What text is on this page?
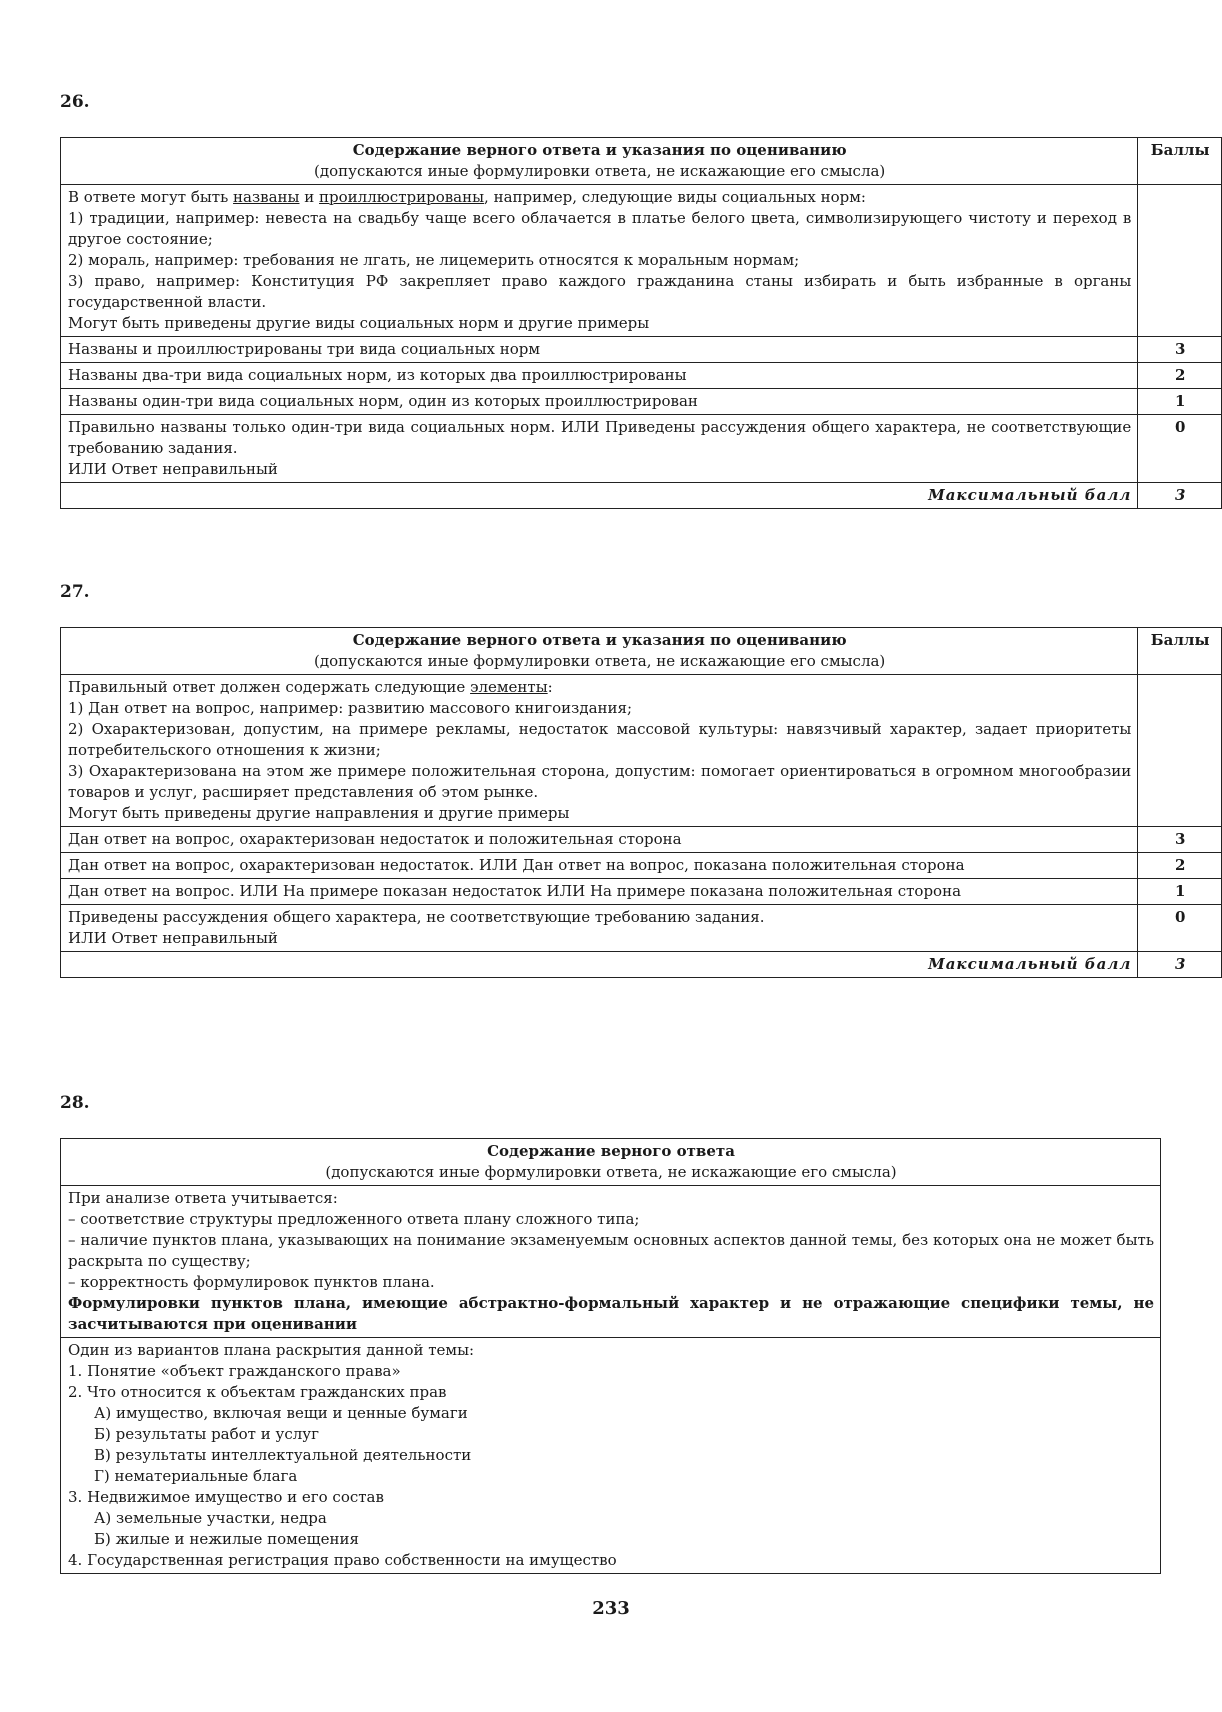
26.
Содержание верного ответа и указания по оцениванию
(допускаются иные формулировки ответа, не искажающие его смысла)	Баллы

В ответе могут быть названы и проиллюстрированы, например, следующие виды социальных норм:
1) традиции, например: невеста на свадьбу чаще всего облачается в платье белого цвета, символизирующего чистоту и переход в другое состояние;
2) мораль, например: требования не лгать, не лицемерить относятся к моральным нормам;
3) право, например: Конституция РФ закрепляет право каждого гражданина станы избирать и быть избранные в органы государственной власти.
Могут быть приведены другие виды социальных норм и другие примеры	

Названы и проиллюстрированы три вида социальных норм	3
Названы два-три вида социальных норм, из которых два проиллюстрированы	2
Названы один-три вида социальных норм, один из которых проиллюстрирован	1

Правильно названы только один-три вида социальных норм. ИЛИ Приведены рассуждения общего характера, не соответствующие требованию задания.
ИЛИ Ответ неправильный	0
Максимальный балл	3
27.
Содержание верного ответа и указания по оцениванию
(допускаются иные формулировки ответа, не искажающие его смысла)	Баллы

Правильный ответ должен содержать следующие элементы:
1) Дан ответ на вопрос, например: развитию массового книгоиздания;
2) Охарактеризован, допустим, на примере рекламы, недостаток массовой культуры: навязчивый характер, задает приоритеты потребительского отношения к жизни;
3) Охарактеризована на этом же примере положительная сторона, допустим: помогает ориентироваться в огромном многообразии товаров и услуг, расширяет представления об этом рынке.
Могут быть приведены другие направления и другие примеры	

Дан ответ на вопрос, охарактеризован недостаток и положительная сторона	3
Дан ответ на вопрос, охарактеризован недостаток. ИЛИ Дан ответ на вопрос, показана положительная сторона	2
Дан ответ на вопрос. ИЛИ На примере показан недостаток ИЛИ На примере показана положительная сторона	1

Приведены рассуждения общего характера, не соответствующие требованию задания.
ИЛИ Ответ неправильный	0
Максимальный балл	3
28.
Содержание верного ответа
(допускаются иные формулировки ответа, не искажающие его смысла)

При анализе ответа учитывается:
– соответствие структуры предложенного ответа плану сложного типа;
– наличие пунктов плана, указывающих на понимание экзаменуемым основных аспектов данной темы, без которых она не может быть раскрыта по существу;
– корректность формулировок пунктов плана.
Формулировки пунктов плана, имеющие абстрактно-формальный характер и не отражающие специфики темы, не засчитываются при оценивании

Один из вариантов плана раскрытия данной темы:
1. Понятие «объект гражданского права»
2. Что относится к объектам гражданских прав
А) имущество, включая вещи и ценные бумаги
Б) результаты работ и услуг
В) результаты интеллектуальной деятельности
Г) нематериальные блага
3. Недвижимое имущество и его состав
А) земельные участки, недра
Б) жилые и нежилые помещения
4. Государственная регистрация право собственности на имущество
233
